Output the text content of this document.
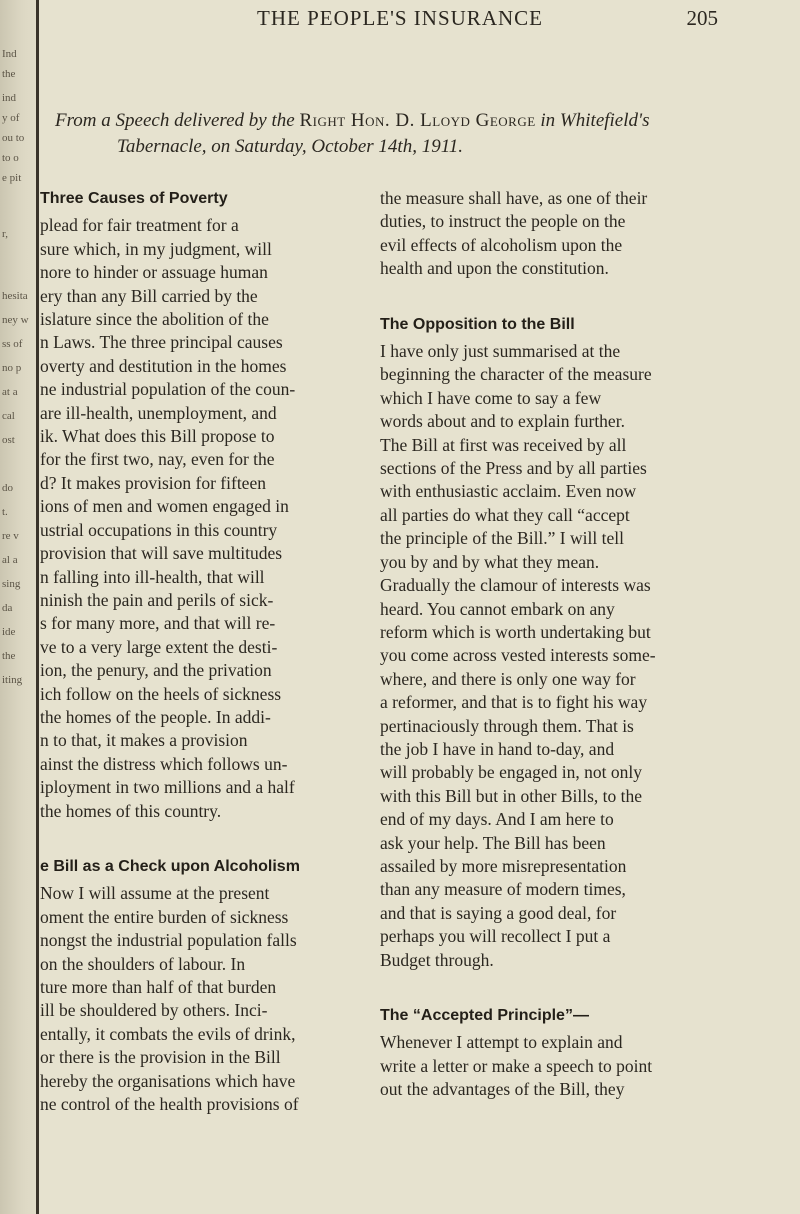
Ind
the
ind
y of
ou to
to o
e pit
r,
hesita
ney w
ss of
no p
at a
cal
ost
do
t.
re v
al a
sing
da
ide
the
iting
THE PEOPLE'S INSURANCE	205
From a Speech delivered by the Right Hon. D. Lloyd George in Whitefield's
Tabernacle, on Saturday, October 14th, 1911.
Three Causes of Poverty

plead for fair treatment for a
sure which, in my judgment, will
nore to hinder or assuage human
ery than any Bill carried by the
islature since the abolition of the
n Laws. The three principal causes
overty and destitution in the homes
ne industrial population of the coun-
are ill-health, unemployment, and
ik. What does this Bill propose to
for the first two, nay, even for the
d? It makes provision for fifteen
ions of men and women engaged in
ustrial occupations in this country
provision that will save multitudes
n falling into ill-health, that will
ninish the pain and perils of sick-
s for many more, and that will re-
ve to a very large extent the desti-
ion, the penury, and the privation
ich follow on the heels of sickness
the homes of the people. In addi-
n to that, it makes a provision
ainst the distress which follows un-
iployment in two millions and a half
the homes of this country.

e Bill as a Check upon Alcoholism

Now I will assume at the present
oment the entire burden of sickness
nongst the industrial population falls
on the shoulders of labour. In
ture more than half of that burden
ill be shouldered by others. Inci-
entally, it combats the evils of drink,
or there is the provision in the Bill
hereby the organisations which have
ne control of the health provisions of

the measure shall have, as one of their
duties, to instruct the people on the
evil effects of alcoholism upon the
health and upon the constitution.

The Opposition to the Bill

I have only just summarised at the
beginning the character of the measure
which I have come to say a few
words about and to explain further.
The Bill at first was received by all
sections of the Press and by all parties
with enthusiastic acclaim. Even now
all parties do what they call “accept
the principle of the Bill.” I will tell
you by and by what they mean.
Gradually the clamour of interests was
heard. You cannot embark on any
reform which is worth undertaking but
you come across vested interests some-
where, and there is only one way for
a reformer, and that is to fight his way
pertinaciously through them. That is
the job I have in hand to-day, and
will probably be engaged in, not only
with this Bill but in other Bills, to the
end of my days. And I am here to
ask your help. The Bill has been
assailed by more misrepresentation
than any measure of modern times,
and that is saying a good deal, for
perhaps you will recollect I put a
Budget through.

The “Accepted Principle”—

Whenever I attempt to explain and
write a letter or make a speech to point
out the advantages of the Bill, they
